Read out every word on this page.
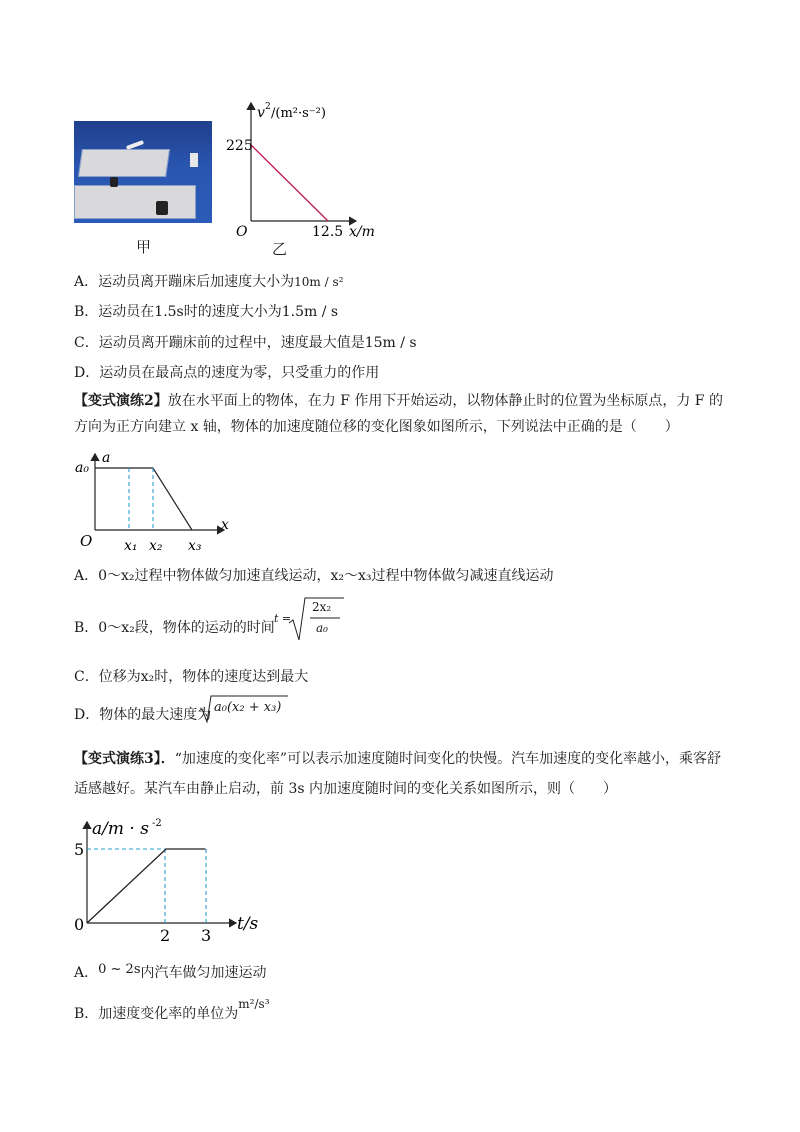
甲
v 2 /(m²·s⁻²)
225
O	12.5 x/m
乙
A．运动员离开蹦床后加速度大小为10m / s²
B．运动员在1.5s时的速度大小为1.5m / s
C．运动员离开蹦床前的过程中，速度最大值是15m / s
D．运动员在最高点的速度为零，只受重力的作用
【变式演练2】放在水平面上的物体，在力 F 作用下开始运动，以物体静止时的位置为坐标原点，力 F 的方向为正方向建立 x 轴，物体的加速度随位移的变化图象如图所示，下列说法中正确的是（　　）
a₀
a
x
O x₁ x₂ x₃
A．0～x₂过程中物体做匀加速直线运动，x₂～x₃过程中物体做匀减速直线运动
B．0～x₂段，物体的运动的时间
t =
2x₂
a₀
C．位移为x₂时，物体的速度达到最大
D．物体的最大速度为 a₀(x₂ + x₃)
【变式演练3】．“加速度的变化率”可以表示加速度随时间变化的快慢。汽车加速度的变化率越小，乘客舒适感越好。某汽车由静止启动，前 3s 内加速度随时间的变化关系如图所示，则（　　）
a/m · s -2
5
0
2 3
t/s
A．0 ~ 2s内汽车做匀加速运动
B．加速度变化率的单位为m²/s³
